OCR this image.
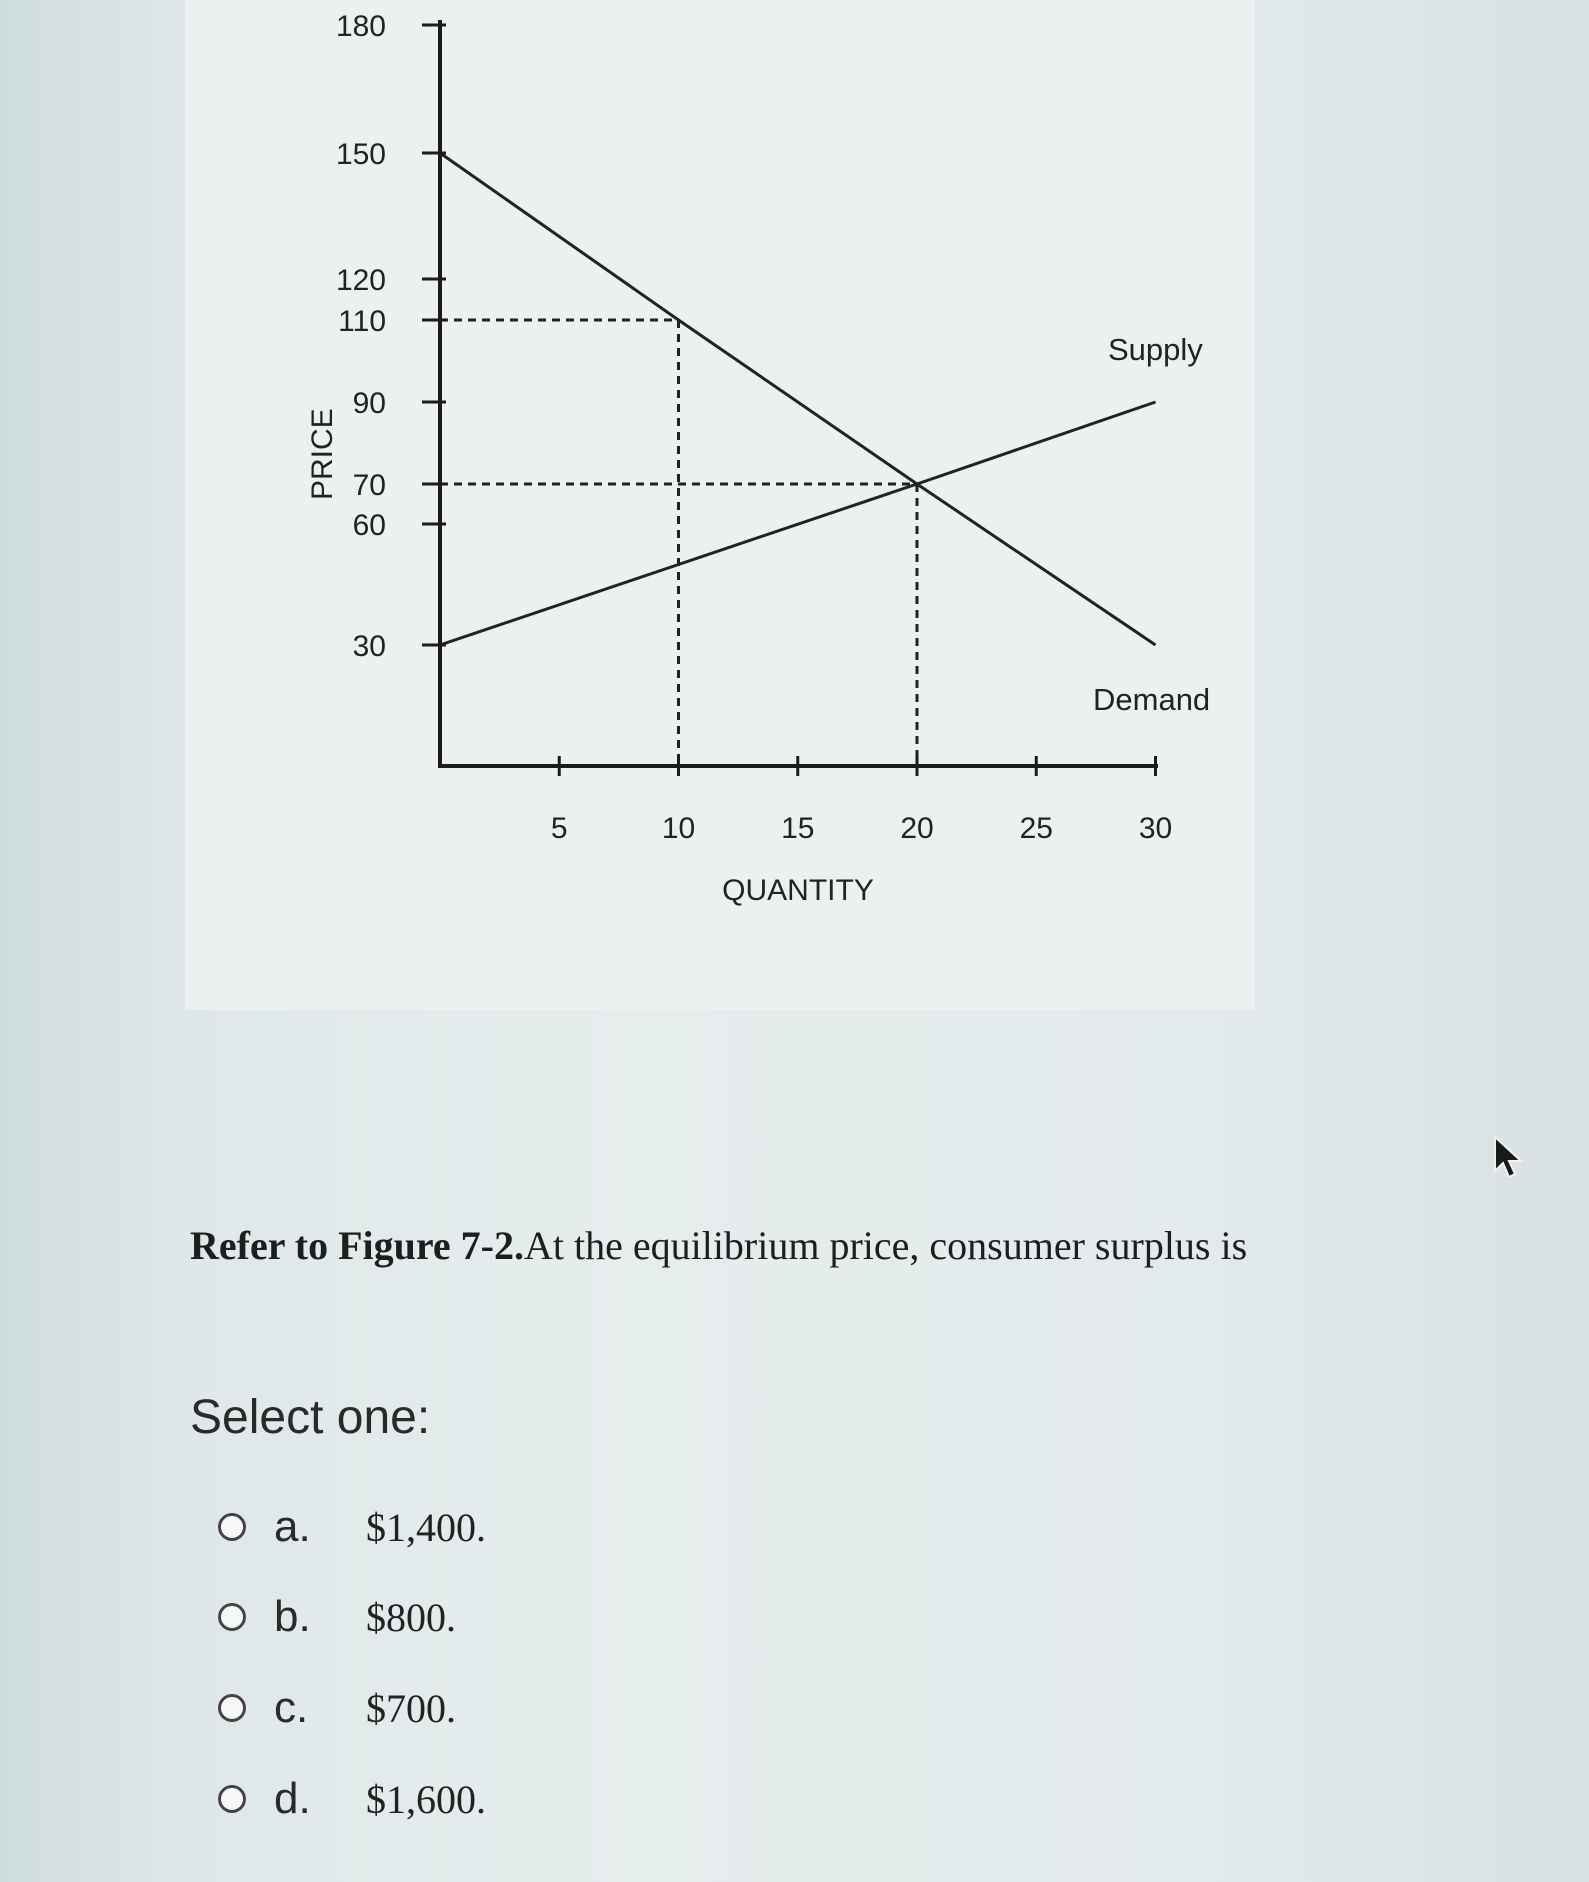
5	10	15	20	25	30
180
150
120
110
90
70
60
30
PRICE
QUANTITY
Supply
Demand
Refer to Figure 7-2.At the equilibrium price, consumer surplus is
Select one:
a.	$1,400.
b.	$800.
c.	$700.
d.	$1,600.
